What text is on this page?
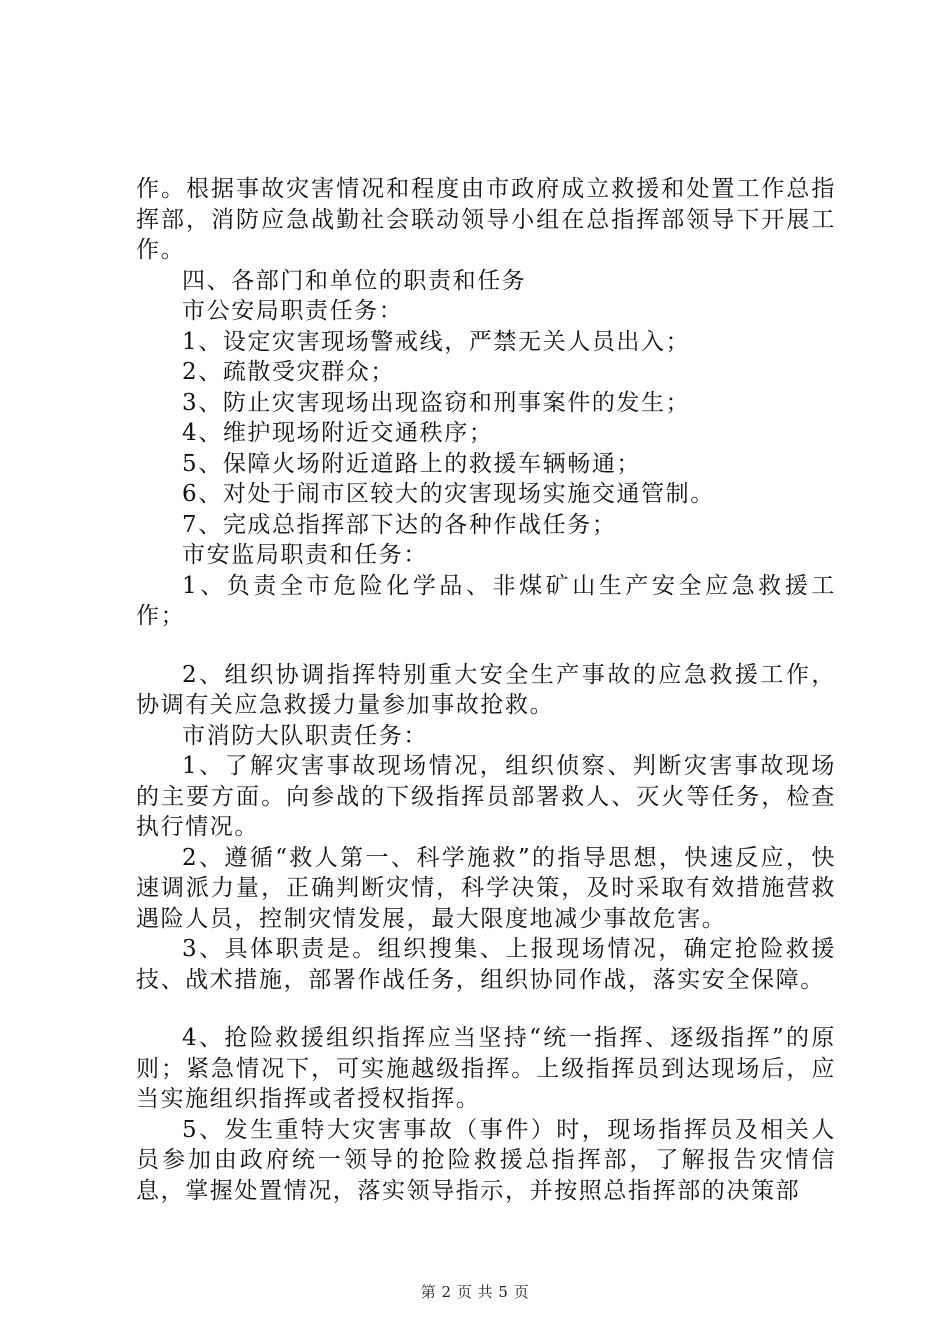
作。根据事故灾害情况和程度由市政府成立救援和处置工作总指挥部，消防应急战勤社会联动领导小组在总指挥部领导下开展工作。

四、各部门和单位的职责和任务

市公安局职责任务：

1、设定灾害现场警戒线，严禁无关人员出入；

2、疏散受灾群众；

3、防止灾害现场出现盗窃和刑事案件的发生；

4、维护现场附近交通秩序；

5、保障火场附近道路上的救援车辆畅通；

6、对处于闹市区较大的灾害现场实施交通管制。

7、完成总指挥部下达的各种作战任务；

市安监局职责和任务：

1、负责全市危险化学品、非煤矿山生产安全应急救援工作；

2、组织协调指挥特别重大安全生产事故的应急救援工作，协调有关应急救援力量参加事故抢救。

市消防大队职责任务：

1、了解灾害事故现场情况，组织侦察、判断灾害事故现场的主要方面。向参战的下级指挥员部署救人、灭火等任务，检查执行情况。

2、遵循“救人第一、科学施救”的指导思想，快速反应，快速调派力量，正确判断灾情，科学决策，及时采取有效措施营救遇险人员，控制灾情发展，最大限度地减少事故危害。

3、具体职责是。组织搜集、上报现场情况，确定抢险救援技、战术措施，部署作战任务，组织协同作战，落实安全保障。

4、抢险救援组织指挥应当坚持“统一指挥、逐级指挥”的原则；紧急情况下，可实施越级指挥。上级指挥员到达现场后，应当实施组织指挥或者授权指挥。

5、发生重特大灾害事故（事件）时，现场指挥员及相关人员参加由政府统一领导的抢险救援总指挥部，了解报告灾情信息，掌握处置情况，落实领导指示，并按照总指挥部的决策部

第 2 页 共 5 页
